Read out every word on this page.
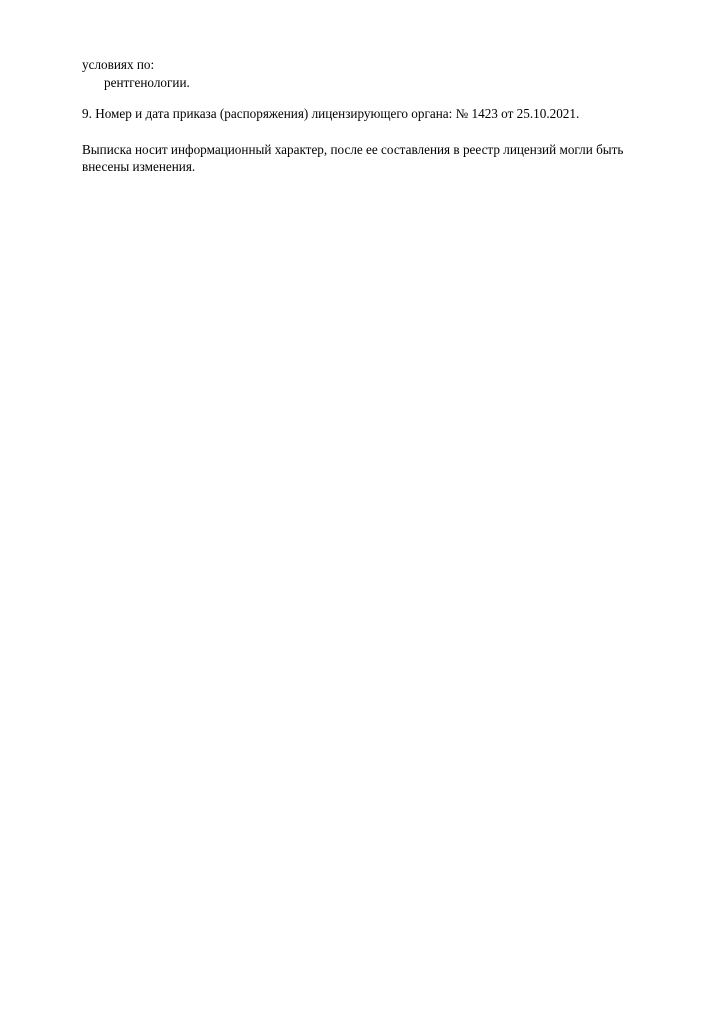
условиях по:

рентгенологии.

9. Номер и дата приказа (распоряжения) лицензирующего органа: № 1423 от 25.10.2021.

Выписка носит информационный характер, после ее составления в реестр лицензий могли быть
внесены изменения.
